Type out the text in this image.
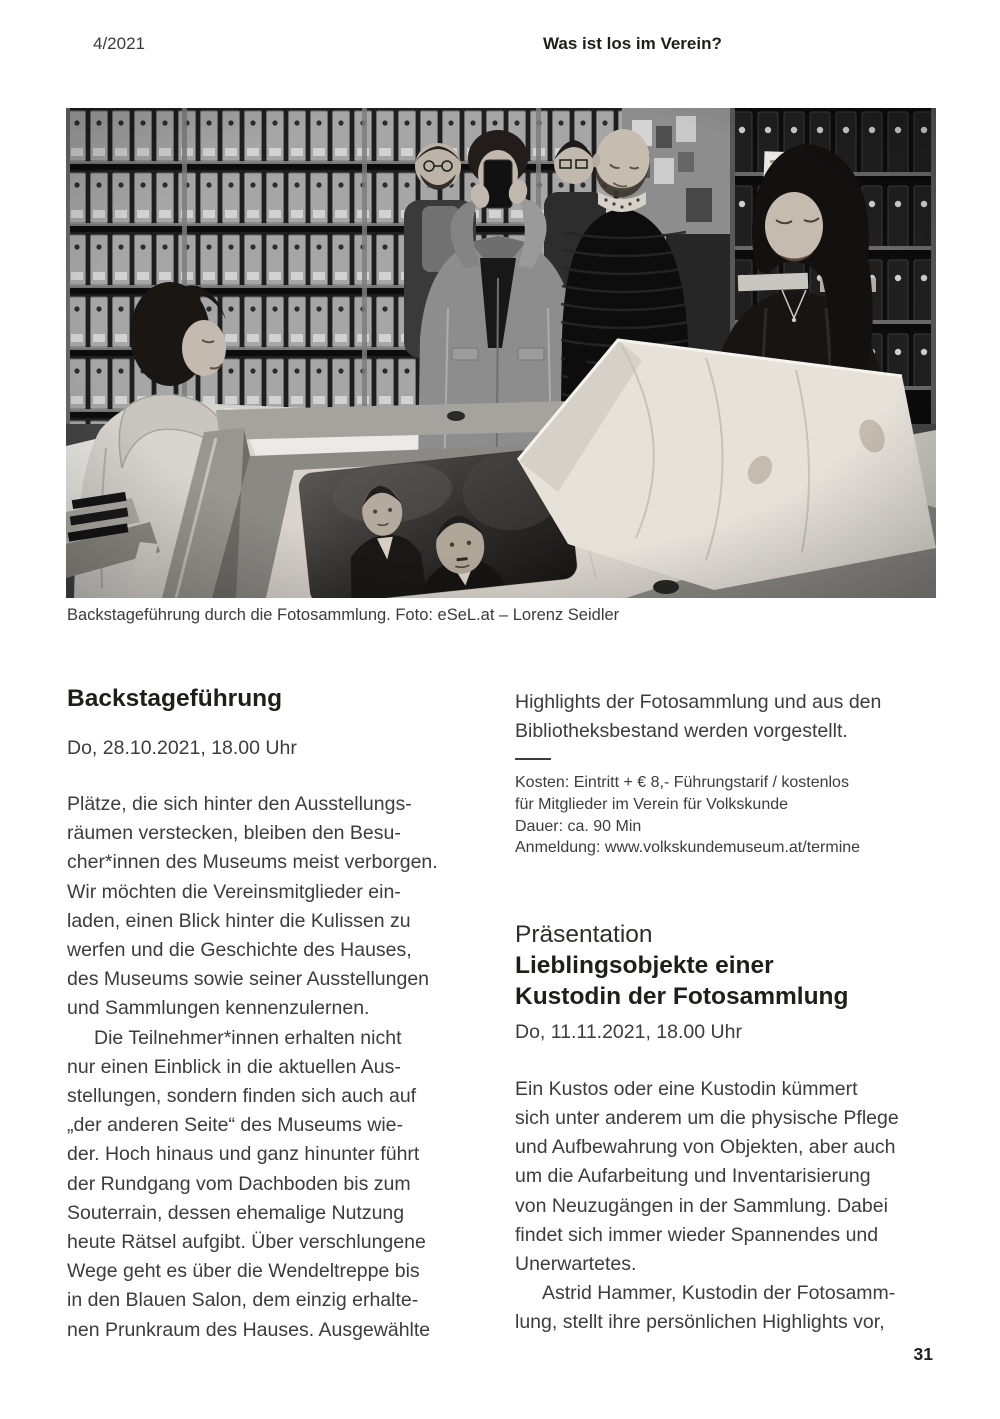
4/2021	Was ist los im Verein?
Backstageführung durch die Fotosammlung. Foto: eSeL.at – Lorenz Seidler
Backstageführung
Do, 28.10.2021, 18.00 Uhr
Plätze, die sich hinter den Ausstellungs-
räumen verstecken, bleiben den Besu-
cher*innen des Museums meist verborgen.
Wir möchten die Vereinsmitglieder ein-
laden, einen Blick hinter die Kulissen zu
werfen und die Geschichte des Hauses,
des Museums sowie seiner Ausstellungen
und Sammlungen kennenzulernen.
Die Teilnehmer*innen erhalten nicht
nur einen Einblick in die aktuellen Aus-
stellungen, sondern finden sich auch auf
„der anderen Seite“ des Museums wie-
der. Hoch hinaus und ganz hinunter führt
der Rundgang vom Dachboden bis zum
Souterrain, dessen ehemalige Nutzung
heute Rätsel aufgibt. Über verschlungene
Wege geht es über die Wendeltreppe bis
in den Blauen Salon, dem einzig erhalte-
nen Prunkraum des Hauses. Ausgewählte
Highlights der Fotosammlung und aus den
Bibliotheksbestand werden vorgestellt.
Kosten: Eintritt + € 8,- Führungstarif / kostenlos
für Mitglieder im Verein für Volkskunde
Dauer: ca. 90 Min
Anmeldung: www.volkskundemuseum.at/termine
Präsentation
Lieblingsobjekte einer
Kustodin der Fotosammlung
Do, 11.11.2021, 18.00 Uhr
Ein Kustos oder eine Kustodin kümmert
sich unter anderem um die physische Pflege
und Aufbewahrung von Objekten, aber auch
um die Aufarbeitung und Inventarisierung
von Neuzugängen in der Sammlung. Dabei
findet sich immer wieder Spannendes und
Unerwartetes.
Astrid Hammer, Kustodin der Fotosamm-
lung, stellt ihre persönlichen Highlights vor,
31
